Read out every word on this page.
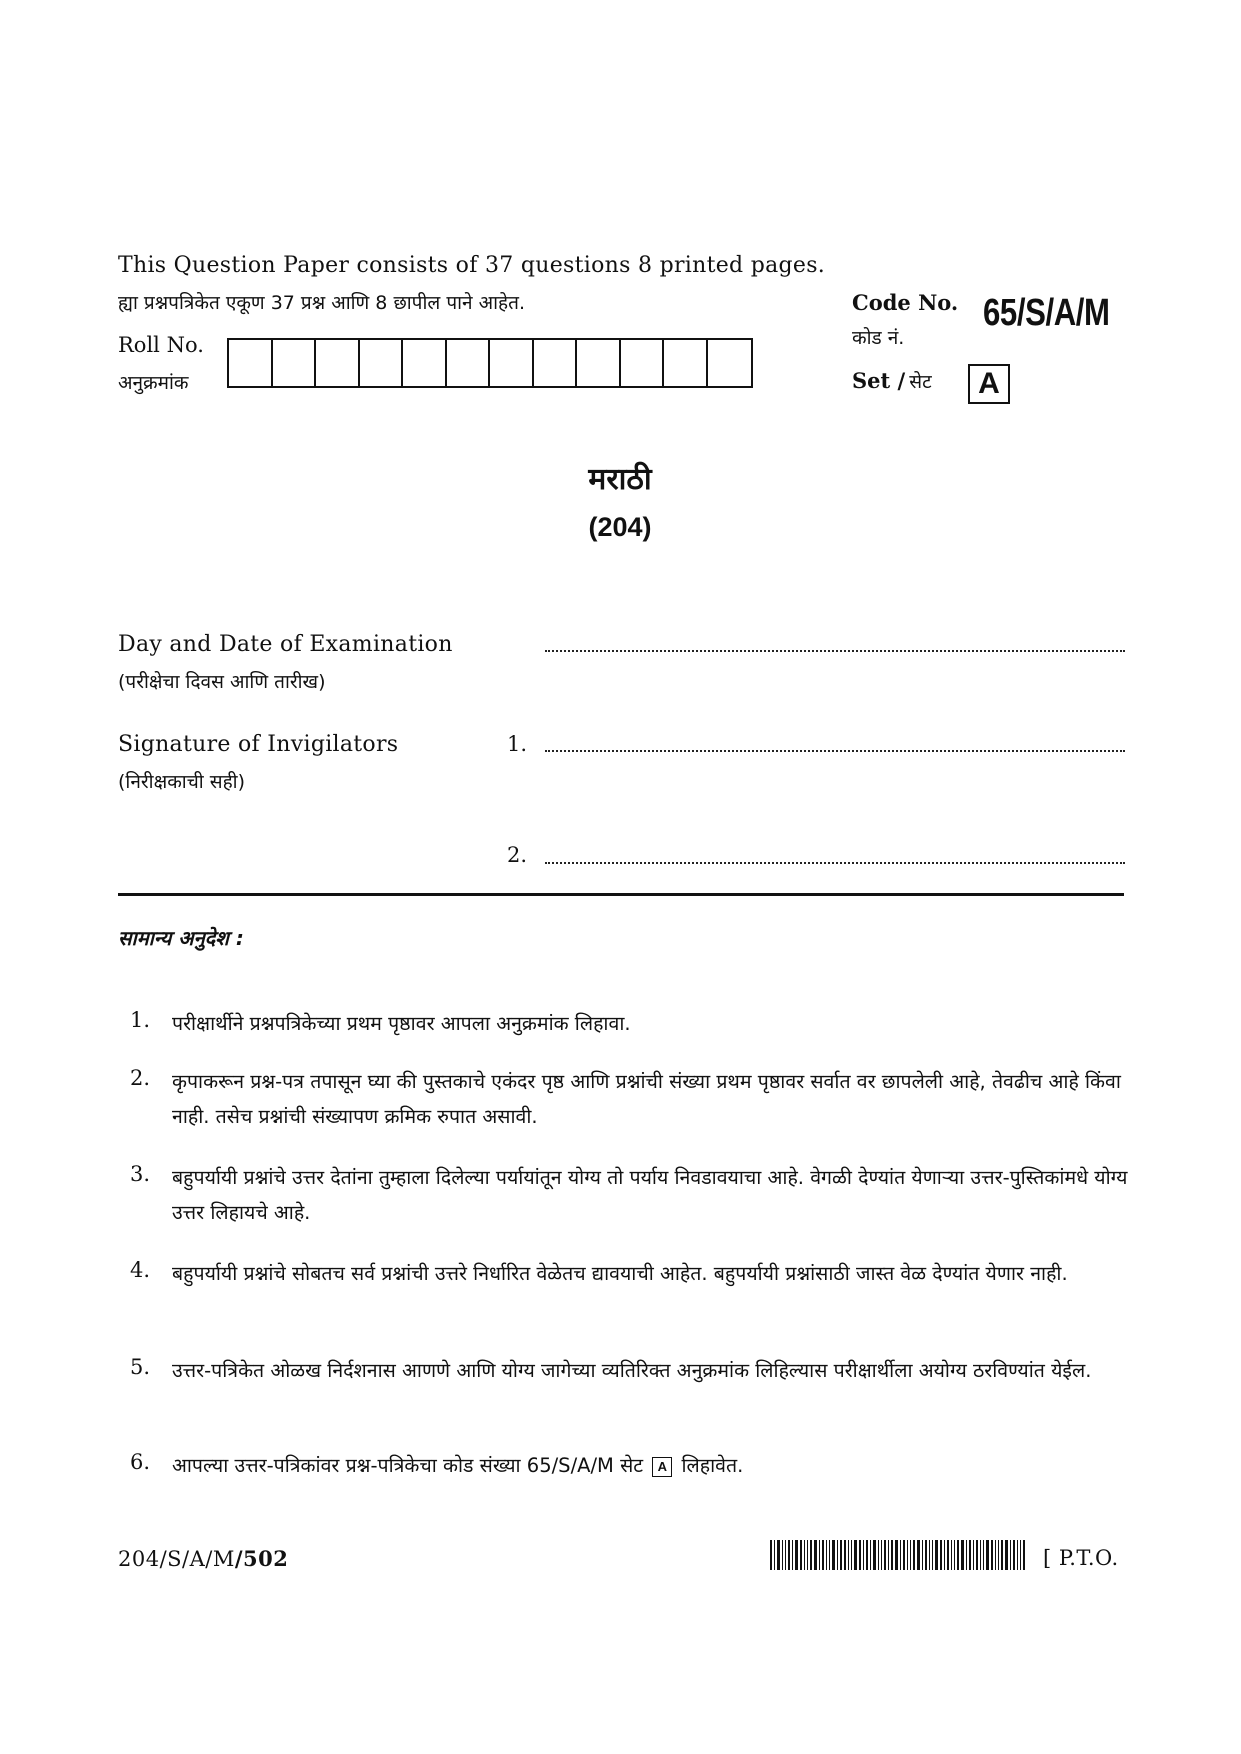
This Question Paper consists of 37 questions 8 printed pages.
ह्या प्रश्नपत्रिकेत एकूण 37 प्रश्न आणि 8 छापील पाने आहेत.
Roll No.
अनुक्रमांक
Code No.
कोड नं.
65/S/A/M
Set / सेट	A
मराठी
(204)
Day and Date of Examination
(परीक्षेचा दिवस आणि तारीख)
Signature of Invigilators
(निरीक्षकाची सही)
1.
2.
सामान्य अनुदेश :
1.	परीक्षार्थीने प्रश्नपत्रिकेच्या प्रथम पृष्ठावर आपला अनुक्रमांक लिहावा.
2.	कृपाकरून प्रश्न-पत्र तपासून घ्या की पुस्तकाचे एकंदर पृष्ठ आणि प्रश्नांची संख्या प्रथम पृष्ठावर सर्वात वर छापलेली आहे, तेवढीच आहे किंवा नाही. तसेच प्रश्नांची संख्यापण क्रमिक रुपात असावी.
3.	बहुपर्यायी प्रश्नांचे उत्तर देतांना तुम्हाला दिलेल्या पर्यायांतून योग्य तो पर्याय निवडावयाचा आहे. वेगळी देण्यांत येणाऱ्या उत्तर-पुस्तिकांमधे योग्य उत्तर लिहायचे आहे.
4.	बहुपर्यायी प्रश्नांचे सोबतच सर्व प्रश्नांची उत्तरे निर्धारित वेळेतच द्यावयाची आहेत. बहुपर्यायी प्रश्नांसाठी जास्त वेळ देण्यांत येणार नाही.
5.	उत्तर-पत्रिकेत ओळख निर्दशनास आणणे आणि योग्य जागेच्या व्यतिरिक्त अनुक्रमांक लिहिल्यास परीक्षार्थीला अयोग्य ठरविण्यांत येईल.
6.	आपल्या उत्तर-पत्रिकांवर प्रश्न-पत्रिकेचा कोड संख्या 65/S/A/M सेट A लिहावेत.
204/S/A/M/502	[ P.T.O.
